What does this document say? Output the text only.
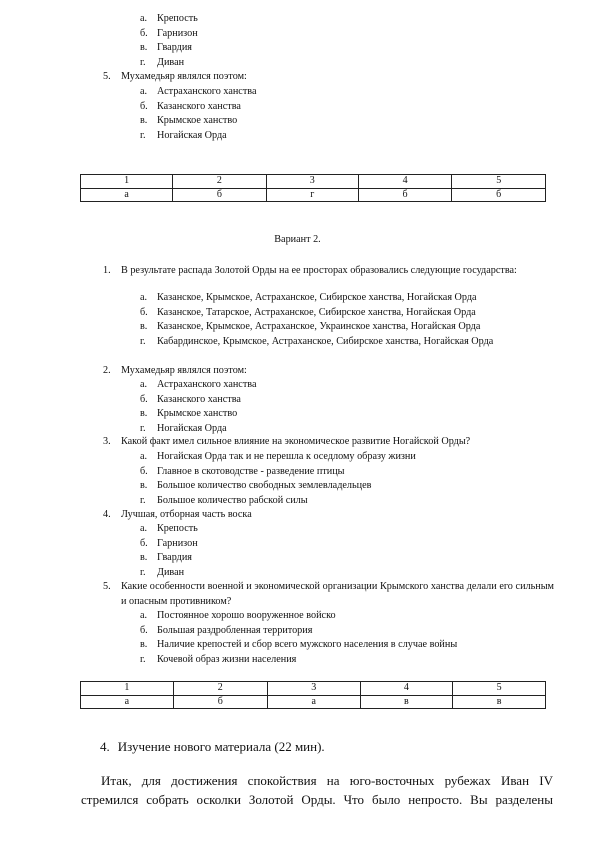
а. Крепость
б. Гарнизон
в. Гвардия
г. Диван
5.	Мухамедьяр являлся поэтом:
а. Астраханского ханства
б. Казанского ханства
в. Крымское ханство
г. Ногайская Орда
1	2	3	4	5
а	б	г	б	б
Вариант 2.
1.	В результате распада Золотой Орды на ее просторах образовались следующие государства:
а. Казанское, Крымское, Астраханское, Сибирское ханства, Ногайская Орда
б. Казанское, Татарское, Астраханское, Сибирское ханства, Ногайская Орда
в. Казанское, Крымское, Астраханское, Украинское ханства, Ногайская Орда
г. Кабардинское, Крымское, Астраханское, Сибирское ханства, Ногайская Орда
2.	Мухамедьяр являлся поэтом:
а. Астраханского ханства
б. Казанского ханства
в. Крымское ханство
г. Ногайская Орда
3.	Какой факт имел сильное влияние на экономическое развитие Ногайской Орды?
а. Ногайская Орда так и не перешла к оседлому образу жизни
б. Главное в скотоводстве - разведение птицы
в. Большое количество свободных землевладельцев
г. Большое количество рабской силы
4.	Лучшая, отборная часть воска
а. Крепость
б. Гарнизон
в. Гвардия
г. Диван
5.	Какие особенности военной и экономической организации Крымского ханства делали его сильным и опасным противником?
а. Постоянное хорошо вооруженное войско
б. Большая раздробленная территория
в. Наличие крепостей и сбор всего мужского населения в случае войны
г. Кочевой образ жизни населения
1	2	3	4	5
а	б	а	в	в
4. Изучение нового материала (22 мин).
Итак, для достижения спокойствия на юго-восточных рубежах Иван IV
стремился собрать осколки Золотой Орды. Что было непросто. Вы разделены
